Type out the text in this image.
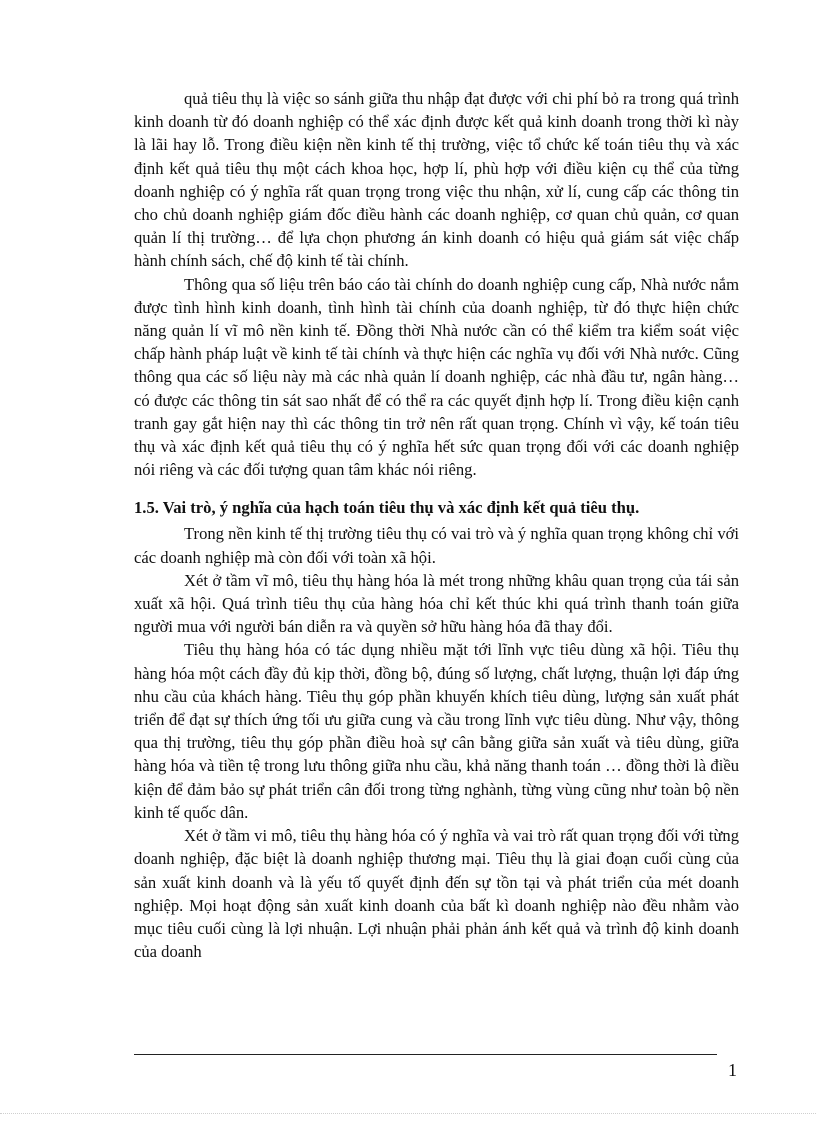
quả tiêu thụ là việc so sánh giữa thu nhập đạt được với chi phí bỏ ra trong quá trình kinh doanh từ đó doanh nghiệp có thể xác định được kết quả kinh doanh trong thời kì này là lãi hay lỗ. Trong điều kiện nền kinh tế thị trường, việc tổ chức kế toán tiêu thụ và xác định kết quả tiêu thụ một cách khoa học, hợp lí, phù hợp với điều kiện cụ thể của từng doanh nghiệp có ý nghĩa rất quan trọng trong việc thu nhận, xử lí, cung cấp các thông tin cho chủ doanh nghiệp giám đốc điều hành các doanh nghiệp, cơ quan chủ quản, cơ quan quản lí thị trường… để lựa chọn phương án kinh doanh có hiệu quả giám sát việc chấp hành chính sách, chế độ kinh tế tài chính.

Thông qua số liệu trên báo cáo tài chính do doanh nghiệp cung cấp, Nhà nước nắm được tình hình kinh doanh, tình hình tài chính của doanh nghiệp, từ đó thực hiện chức năng quản lí vĩ mô nền kinh tế. Đồng thời Nhà nước cần có thể kiểm tra kiểm soát việc chấp hành pháp luật về kinh tế tài chính và thực hiện các nghĩa vụ đối với Nhà nước. Cũng thông qua các số liệu này mà các nhà quản lí doanh nghiệp, các nhà đầu tư, ngân hàng… có được các thông tin sát sao nhất để có thể ra các quyết định hợp lí. Trong điều kiện cạnh tranh gay gắt hiện nay thì các thông tin trở nên rất quan trọng. Chính vì vậy, kế toán tiêu thụ và xác định kết quả tiêu thụ có ý nghĩa hết sức quan trọng đối với các doanh nghiệp nói riêng và các đối tượng quan tâm khác nói riêng.

1.5. Vai trò, ý nghĩa của hạch toán tiêu thụ và xác định kết quả tiêu thụ.

Trong nền kinh tế thị trường tiêu thụ có vai trò và ý nghĩa quan trọng không chỉ với các doanh nghiệp mà còn đối với toàn xã hội.

Xét ở tầm vĩ mô, tiêu thụ hàng hóa là mét trong những khâu quan trọng của tái sản xuất xã hội. Quá trình tiêu thụ của hàng hóa chỉ kết thúc khi quá trình thanh toán giữa người mua với người bán diễn ra và quyền sở hữu hàng hóa đã thay đổi.

Tiêu thụ hàng hóa có tác dụng nhiều mặt tới lĩnh vực tiêu dùng xã hội. Tiêu thụ hàng hóa một cách đầy đủ kịp thời, đồng bộ, đúng số lượng, chất lượng, thuận lợi đáp ứng nhu cầu của khách hàng. Tiêu thụ góp phần khuyến khích tiêu dùng, lượng sản xuất phát triển để đạt sự thích ứng tối ưu giữa cung và cầu trong lĩnh vực tiêu dùng. Như vậy, thông qua thị trường, tiêu thụ góp phần điều hoà sự cân bằng giữa sản xuất và tiêu dùng, giữa hàng hóa và tiền tệ trong lưu thông giữa nhu cầu, khả năng thanh toán … đồng thời là điều kiện để đảm bảo sự phát triển cân đối trong từng nghành, từng vùng cũng như toàn bộ nền kinh tế quốc dân.

Xét ở tầm vi mô, tiêu thụ hàng hóa có ý nghĩa và vai trò rất quan trọng đối với từng doanh nghiệp, đặc biệt là doanh nghiệp thương mại. Tiêu thụ là giai đoạn cuối cùng của sản xuất kinh doanh và là yếu tố quyết định đến sự tồn tại và phát triển của mét doanh nghiệp. Mọi hoạt động sản xuất kinh doanh của bất kì doanh nghiệp nào đều nhằm vào mục tiêu cuối cùng là lợi nhuận. Lợi nhuận phải phản ánh kết quả và trình độ kinh doanh của doanh

1
